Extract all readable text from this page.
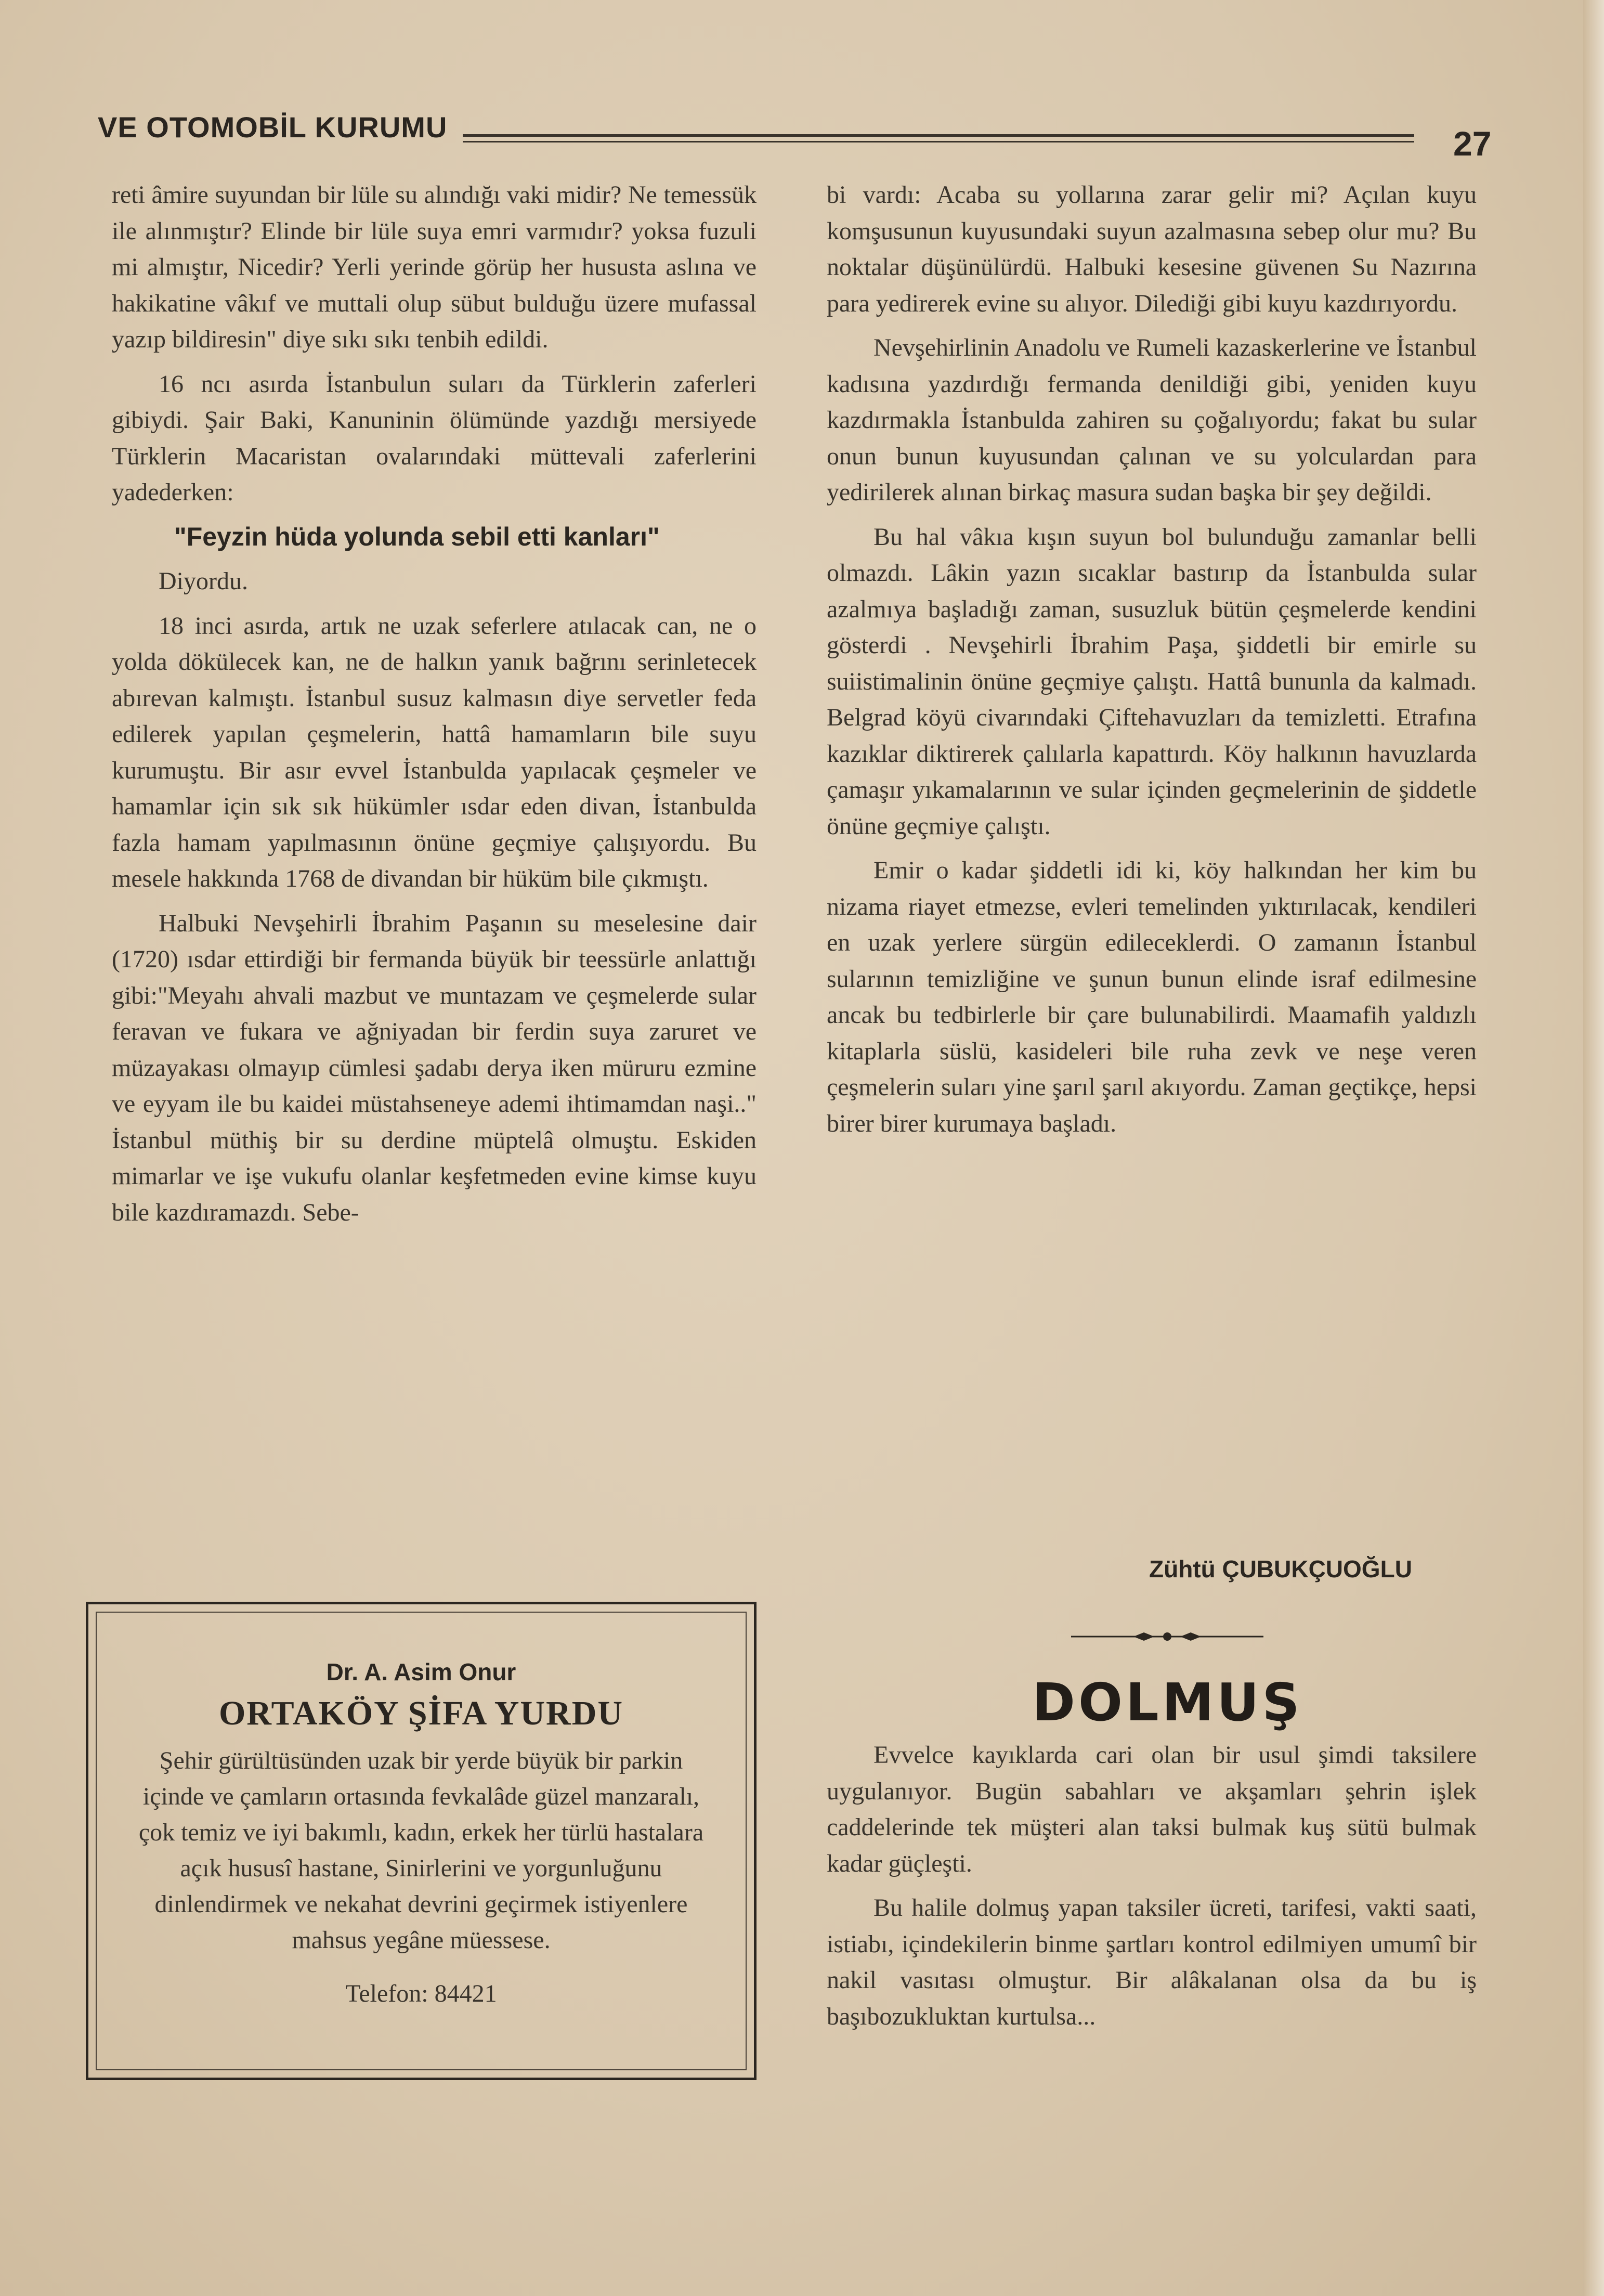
VE OTOMOBİL KURUMU	27

reti âmire suyundan bir lüle su alındığı vaki midir? Ne temessük ile alınmıştır? Elinde bir lüle suya emri varmıdır? yoksa fuzuli mi almıştır, Nicedir? Yerli yerinde görüp her hususta aslına ve hakikatine vâkıf ve muttali olup sübut bulduğu üzere mufassal yazıp bildiresin" diye sıkı sıkı tenbih edildi.

16 ncı asırda İstanbulun suları da Türklerin zaferleri gibiydi. Şair Baki, Kanuninin ölümünde yazdığı mersiyede Türklerin Macaristan ovalarındaki müttevali zaferlerini yadederken:

"Feyzin hüda yolunda sebil etti kanları"

Diyordu.

18 inci asırda, artık ne uzak seferlere atılacak can, ne o yolda dökülecek kan, ne de halkın yanık bağrını serinletecek abırevan kalmıştı. İstanbul susuz kalmasın diye servetler feda edilerek yapılan çeşmelerin, hattâ hamamların bile suyu kurumuştu. Bir asır evvel İstanbulda yapılacak çeşmeler ve hamamlar için sık sık hükümler ısdar eden divan, İstanbulda fazla hamam yapılmasının önüne geçmiye çalışıyordu. Bu mesele hakkında 1768 de divandan bir hüküm bile çıkmıştı.

Halbuki Nevşehirli İbrahim Paşanın su meselesine dair (1720) ısdar ettirdiği bir fermanda büyük bir teessürle anlattığı gibi:"Meyahı ahvali mazbut ve muntazam ve çeşmelerde sular feravan ve fukara ve ağniyadan bir ferdin suya zaruret ve müzayakası olmayıp cümlesi şadabı derya iken müruru ezmine ve eyyam ile bu kaidei müstahseneye ademi ihtimamdan naşi.." İstanbul müthiş bir su derdine müptelâ olmuştu. Eskiden mimarlar ve işe vukufu olanlar keşfetmeden evine kimse kuyu bile kazdıramazdı. Sebe-

Dr. A. Asim Onur
ORTAKÖY ŞİFA YURDU
Şehir gürültüsünden uzak bir yerde büyük bir parkin içinde ve çamların ortasında fevkalâde güzel manzaralı, çok temiz ve iyi bakımlı, kadın, erkek her türlü hastalara açık hususî hastane, Sinirlerini ve yorgunluğunu dinlendirmek ve nekahat devrini geçirmek istiyenlere mahsus yegâne müessese.
Telefon: 84421

bi vardı: Acaba su yollarına zarar gelir mi? Açılan kuyu komşusunun kuyusundaki suyun azalmasına sebep olur mu? Bu noktalar düşünülürdü. Halbuki kesesine güvenen Su Nazırına para yedirerek evine su alıyor. Dilediği gibi kuyu kazdırıyordu.

Nevşehirlinin Anadolu ve Rumeli kazaskerlerine ve İstanbul kadısına yazdırdığı fermanda denildiği gibi, yeniden kuyu kazdırmakla İstanbulda zahiren su çoğalıyordu; fakat bu sular onun bunun kuyusundan çalınan ve su yolculardan para yedirilerek alınan birkaç masura sudan başka bir şey değildi.

Bu hal vâkıa kışın suyun bol bulunduğu zamanlar belli olmazdı. Lâkin yazın sıcaklar bastırıp da İstanbulda sular azalmıya başladığı zaman, susuzluk bütün çeşmelerde kendini gösterdi . Nevşehirli İbrahim Paşa, şiddetli bir emirle su suiistimalinin önüne geçmiye çalıştı. Hattâ bununla da kalmadı. Belgrad köyü civarındaki Çiftehavuzları da temizletti. Etrafına kazıklar diktirerek çalılarla kapattırdı. Köy halkının havuzlarda çamaşır yıkamalarının ve sular içinden geçmelerinin de şiddetle önüne geçmiye çalıştı.

Emir o kadar şiddetli idi ki, köy halkından her kim bu nizama riayet etmezse, evleri temelinden yıktırılacak, kendileri en uzak yerlere sürgün edileceklerdi. O zamanın İstanbul sularının temizliğine ve şunun bunun elinde israf edilmesine ancak bu tedbirlerle bir çare bulunabilirdi. Maamafih yaldızlı kitaplarla süslü, kasideleri bile ruha zevk ve neşe veren çeşmelerin suları yine şarıl şarıl akıyordu. Zaman geçtikçe, hepsi birer birer kurumaya başladı.

Zühtü ÇUBUKÇUOĞLU
DOLMUŞ

Evvelce kayıklarda cari olan bir usul şimdi taksilere uygulanıyor. Bugün sabahları ve akşamları şehrin işlek caddelerinde tek müşteri alan taksi bulmak kuş sütü bulmak kadar güçleşti.

Bu halile dolmuş yapan taksiler ücreti, tarifesi, vakti saati, istiabı, içindekilerin binme şartları kontrol edilmiyen umumî bir nakil vasıtası olmuştur. Bir alâkalanan olsa da bu iş başıbozukluktan kurtulsa...
